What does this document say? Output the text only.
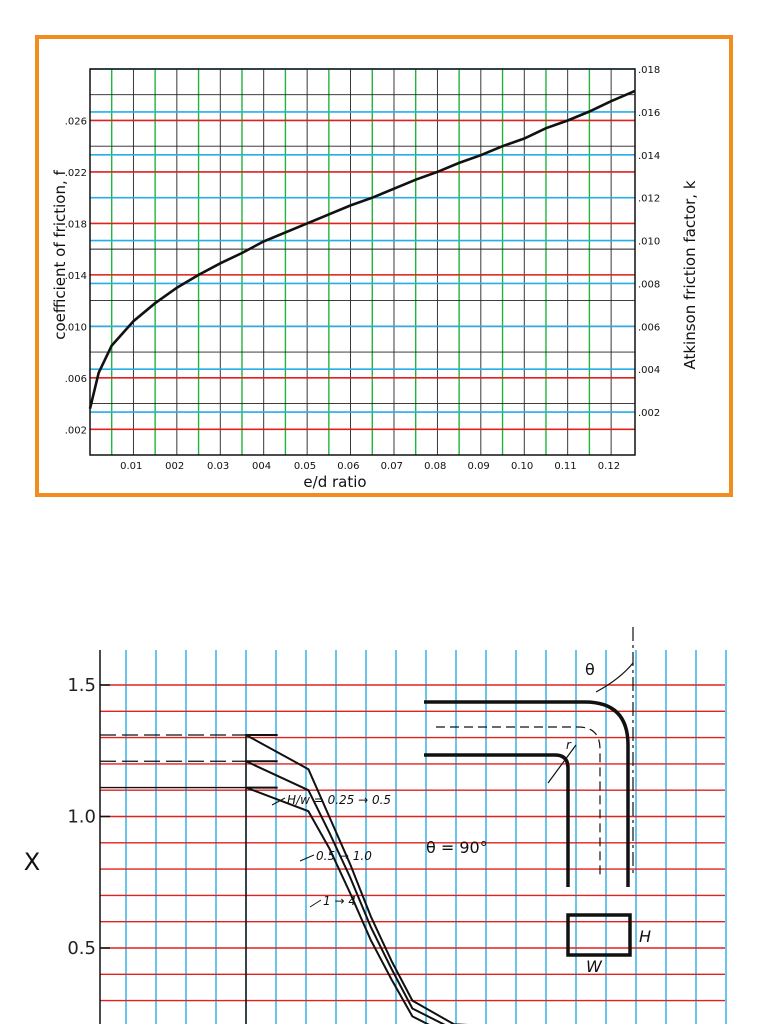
0.01 002 0.03 004 0.05 0.06 0.07 0.08 0.09 0.10 0.11 0.12
.002
.006
.010
.014
.018
.022
.026
.002
.004
.006
.008
.010
.012
.014
.016
.018
e/d ratio
coefficient of friction, f	Atkinson friction factor, k
0.5
1.0
1.5
X
H/w = 0.25 → 0.5
0.5 → 1.0
1 → 4
θ
r
θ = 90°
H
W
